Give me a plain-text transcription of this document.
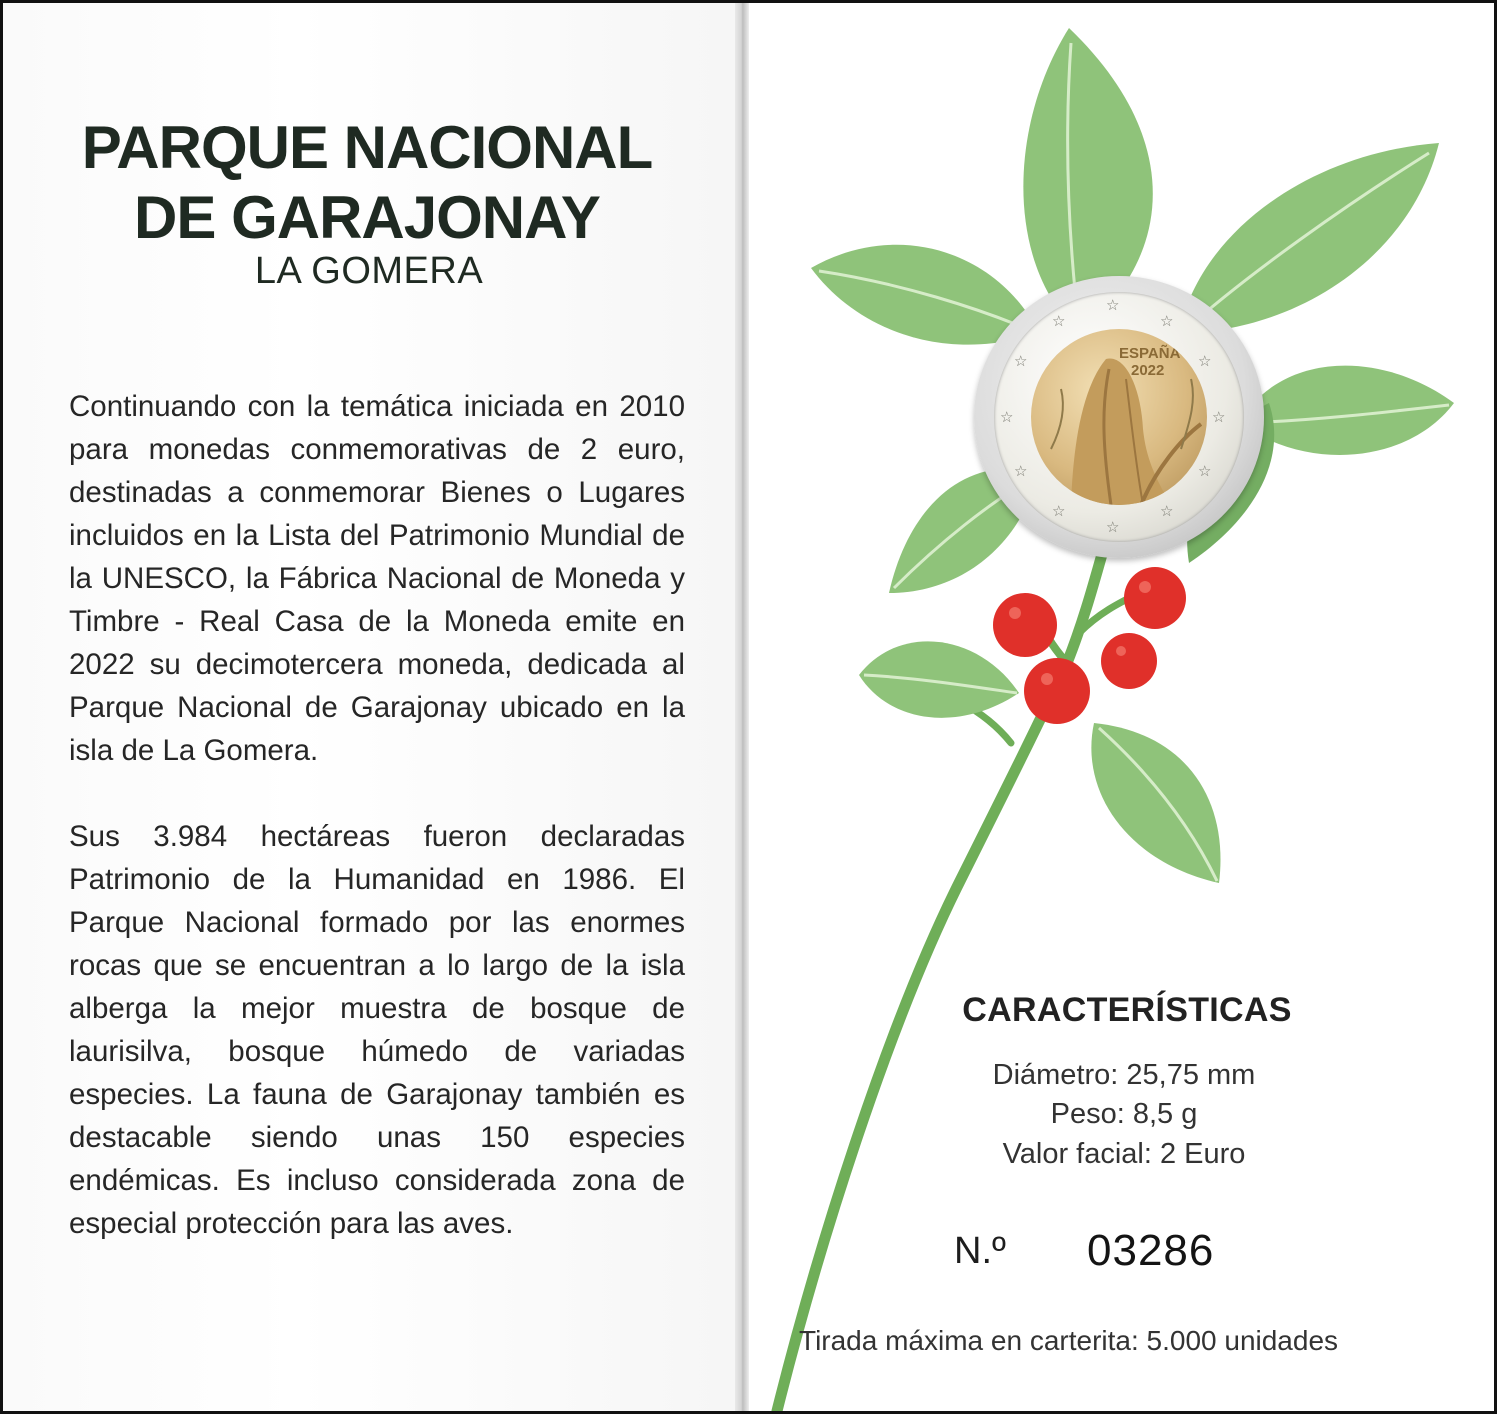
PARQUE NACIONAL
DE GARAJONAY
LA GOMERA
Continuando con la temática iniciada en 2010 para monedas conmemorativas de 2 euro, destinadas a conmemorar Bienes o Lugares incluidos en la Lista del Patrimonio Mundial de la UNESCO, la Fábrica Nacional de Moneda y Timbre - Real Casa de la Moneda emite en 2022 su decimotercera moneda, dedicada al Parque Nacional de Garajonay ubicado en la isla de La Gomera.
Sus 3.984 hectáreas fueron declaradas Patrimonio de la Humanidad en 1986. El Parque Nacional formado por las enormes rocas que se encuentran a lo largo de la isla alberga la mejor muestra de bosque de laurisilva, bosque húmedo de variadas especies. La fauna de Garajonay también es destacable siendo unas 150 especies endémicas. Es incluso considerada zona de especial protección para las aves.
☆
☆	☆
☆	☆
☆	☆
☆	☆
☆	☆
☆
ESPAÑA
2022
CARACTERÍSTICAS
Diámetro: 25,75 mm
Peso: 8,5 g
Valor facial: 2 Euro
N.º 03286
Tirada máxima en carterita: 5.000 unidades
